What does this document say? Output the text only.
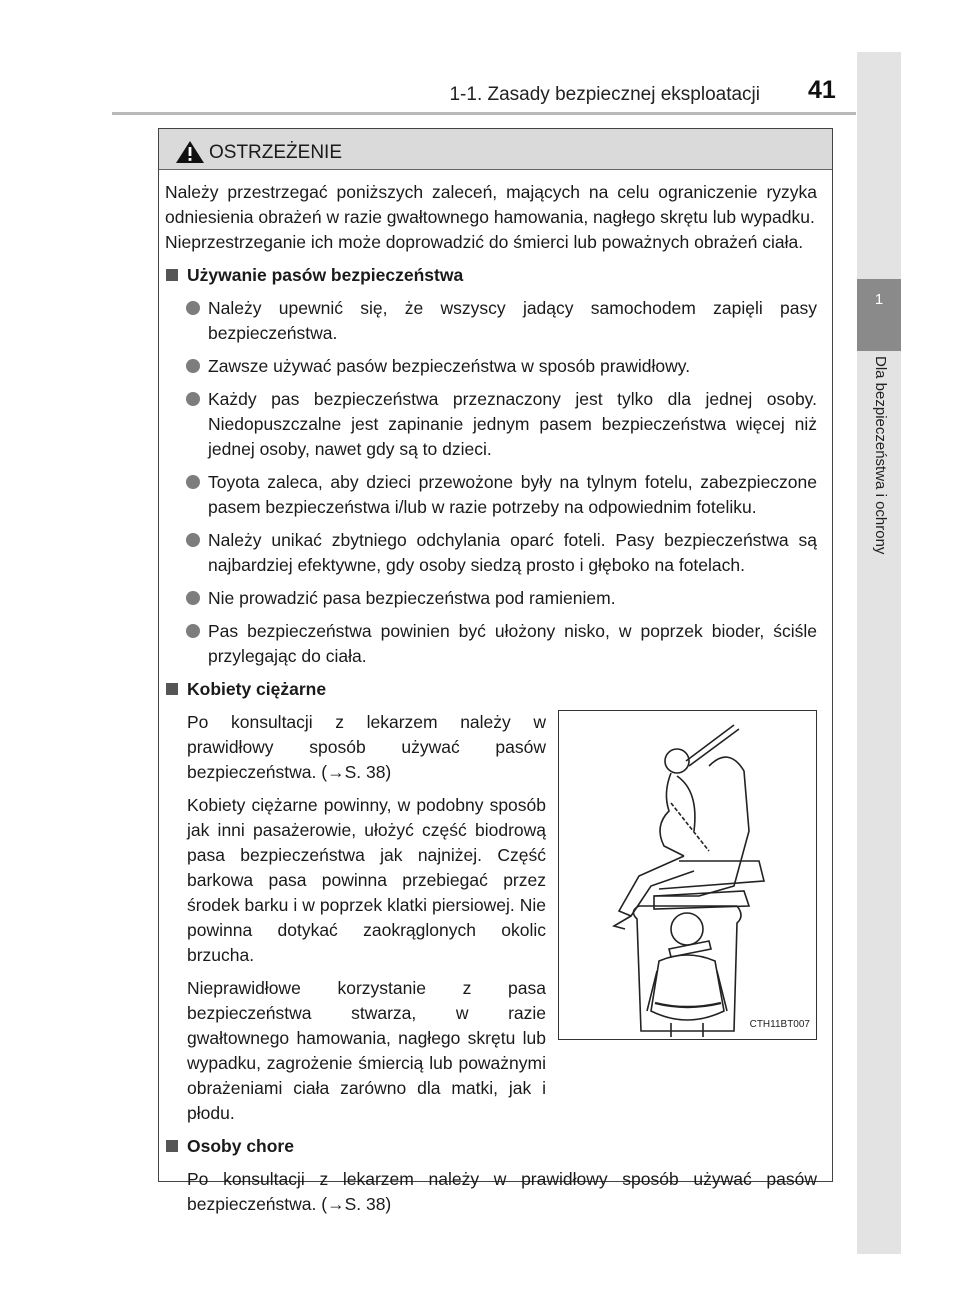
1-1. Zasady bezpiecznej eksploatacji 41
1
Dla bezpieczeństwa i ochrony
OSTRZEŻENIE

Należy przestrzegać poniższych zaleceń, mających na celu ograniczenie ryzyka odniesienia obrażeń w razie gwałtownego hamowania, nagłego skrętu lub wypadku.

Nieprzestrzeganie ich może doprowadzić do śmierci lub poważnych obrażeń ciała.

Używanie pasów bezpieczeństwa

Należy upewnić się, że wszyscy jadący samochodem zapięli pasy bezpieczeństwa.

Zawsze używać pasów bezpieczeństwa w sposób prawidłowy.

Każdy pas bezpieczeństwa przeznaczony jest tylko dla jednej osoby. Niedopuszczalne jest zapinanie jednym pasem bezpieczeństwa więcej niż jednej osoby, nawet gdy są to dzieci.

Toyota zaleca, aby dzieci przewożone były na tylnym fotelu, zabezpieczone pasem bezpieczeństwa i/lub w razie potrzeby na odpowiednim foteliku.

Należy unikać zbytniego odchylania oparć foteli. Pasy bezpieczeństwa są najbardziej efektywne, gdy osoby siedzą prosto i głęboko na fotelach.

Nie prowadzić pasa bezpieczeństwa pod ramieniem.

Pas bezpieczeństwa powinien być ułożony nisko, w poprzek bioder, ściśle przylegając do ciała.

Kobiety ciężarne

Po konsultacji z lekarzem należy w prawidłowy sposób używać pasów bezpieczeństwa. (→S. 38)

Kobiety ciężarne powinny, w podobny sposób jak inni pasażerowie, ułożyć część biodrową pasa bezpieczeństwa jak najniżej. Część barkowa pasa powinna przebiegać przez środek barku i w poprzek klatki piersiowej. Nie powinna dotykać zaokrąglonych okolic brzucha.

Nieprawidłowe korzystanie z pasa bezpieczeństwa stwarza, w razie gwałtownego hamowania, nagłego skrętu lub wypadku, zagrożenie śmiercią lub poważnymi obrażeniami ciała zarówno dla matki, jak i płodu.

CTH11BT007
Osoby chore

Po konsultacji z lekarzem należy w prawidłowy sposób używać pasów bezpieczeństwa. (→S. 38)
